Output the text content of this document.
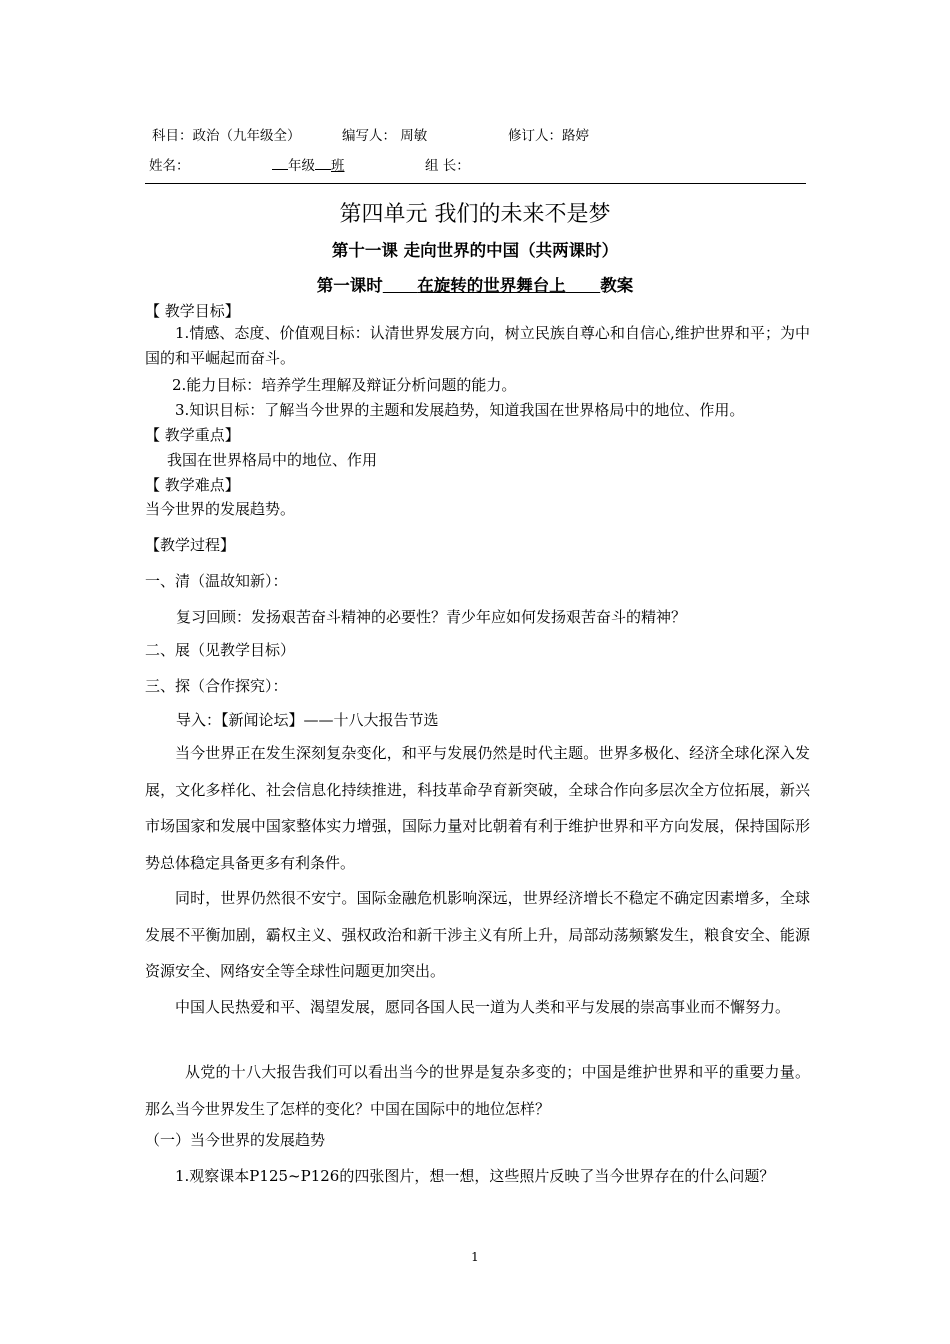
科目：政治（九年级全）	编写人： 周敏	修订人：路婷
姓名：	年级 班	组 长：
第四单元 我们的未来不是梦
第十一课 走向世界的中国（共两课时）
第一课时 在旋转的世界舞台上 教案
【 教学目标】
1.情感、态度、价值观目标：认清世界发展方向，树立民族自尊心和自信心,维护世界和平；为中国的和平崛起而奋斗。
2.能力目标：培养学生理解及辩证分析问题的能力。
3.知识目标：了解当今世界的主题和发展趋势，知道我国在世界格局中的地位、作用。
【 教学重点】
我国在世界格局中的地位、作用
【 教学难点】
当今世界的发展趋势。
【教学过程】
一、清（温故知新）：
复习回顾：发扬艰苦奋斗精神的必要性？青少年应如何发扬艰苦奋斗的精神？
二、展（见教学目标）
三、探（合作探究）：
导入：【新闻论坛】——十八大报告节选
当今世界正在发生深刻复杂变化，和平与发展仍然是时代主题。世界多极化、经济全球化深入发展，文化多样化、社会信息化持续推进，科技革命孕育新突破，全球合作向多层次全方位拓展，新兴市场国家和发展中国家整体实力增强，国际力量对比朝着有利于维护世界和平方向发展，保持国际形势总体稳定具备更多有利条件。
同时，世界仍然很不安宁。国际金融危机影响深远，世界经济增长不稳定不确定因素增多，全球发展不平衡加剧，霸权主义、强权政治和新干涉主义有所上升，局部动荡频繁发生，粮食安全、能源资源安全、网络安全等全球性问题更加突出。
中国人民热爱和平、渴望发展，愿同各国人民一道为人类和平与发展的崇高事业而不懈努力。
从党的十八大报告我们可以看出当今的世界是复杂多变的；中国是维护世界和平的重要力量。那么当今世界发生了怎样的变化？中国在国际中的地位怎样？
（一）当今世界的发展趋势
1.观察课本P125~P126的四张图片，想一想，这些照片反映了当今世界存在的什么问题？
1
